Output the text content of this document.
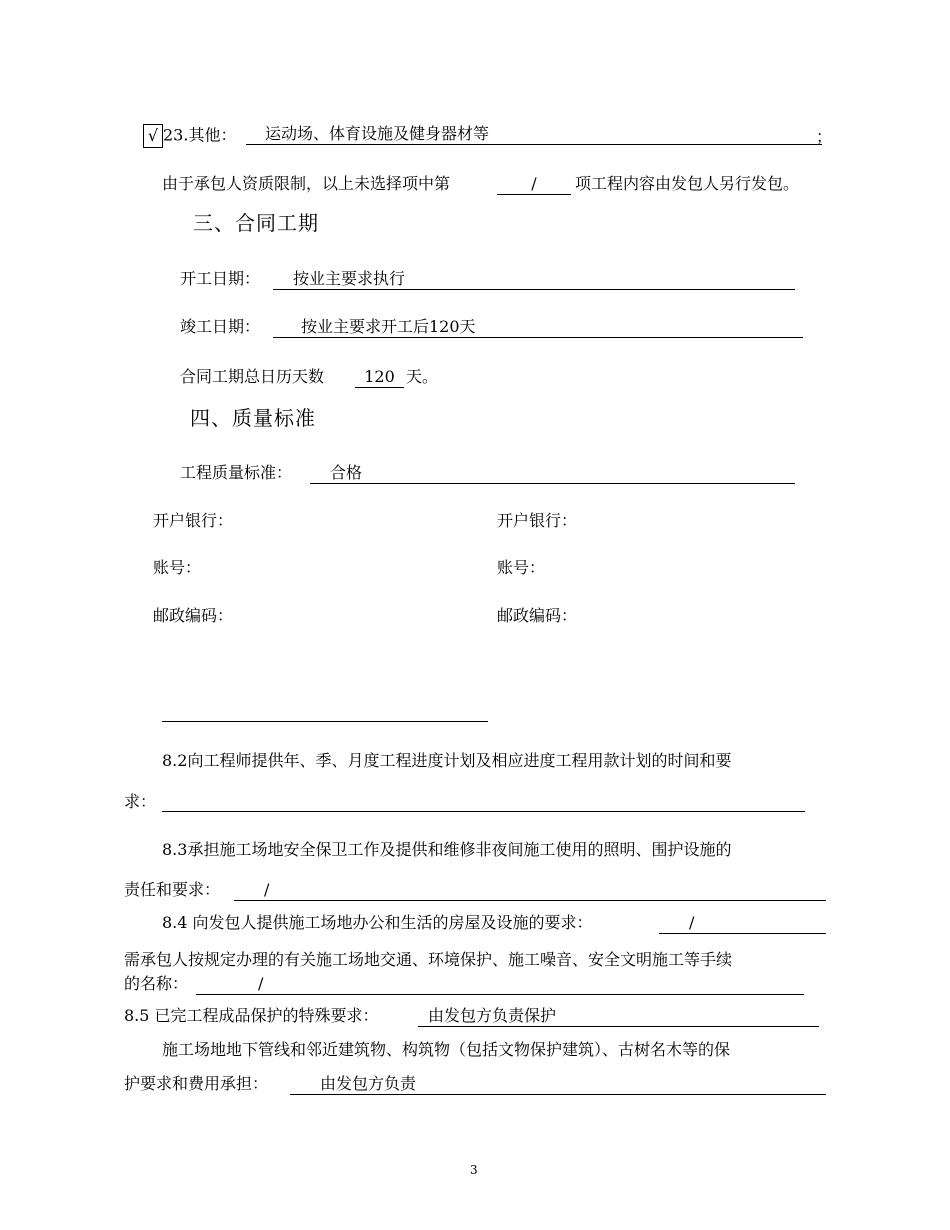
√ 23.其他：	运动场、体育设施及健身器材等	；
由于承包人资质限制，以上未选择项中第	/	项工程内容由发包人另行发包。
三、合同工期
开工日期：	按业主要求执行
竣工日期：	按业主要求开工后120天
合同工期总日历天数	120 天。
四、质量标准
工程质量标准：	合格
开户银行：	开户银行：
账号：	账号：
邮政编码：	邮政编码：
8.2向工程师提供年、季、月度工程进度计划及相应进度工程用款计划的时间和要
求：
8.3承担施工场地安全保卫工作及提供和维修非夜间施工使用的照明、围护设施的
责任和要求：	/
8.4 向发包人提供施工场地办公和生活的房屋及设施的要求：	/
需承包人按规定办理的有关施工场地交通、环境保护、施工噪音、安全文明施工等手续
的名称：	/
8.5 已完工程成品保护的特殊要求：	由发包方负责保护
施工场地地下管线和邻近建筑物、构筑物（包括文物保护建筑）、古树名木等的保
护要求和费用承担：	由发包方负责
3
